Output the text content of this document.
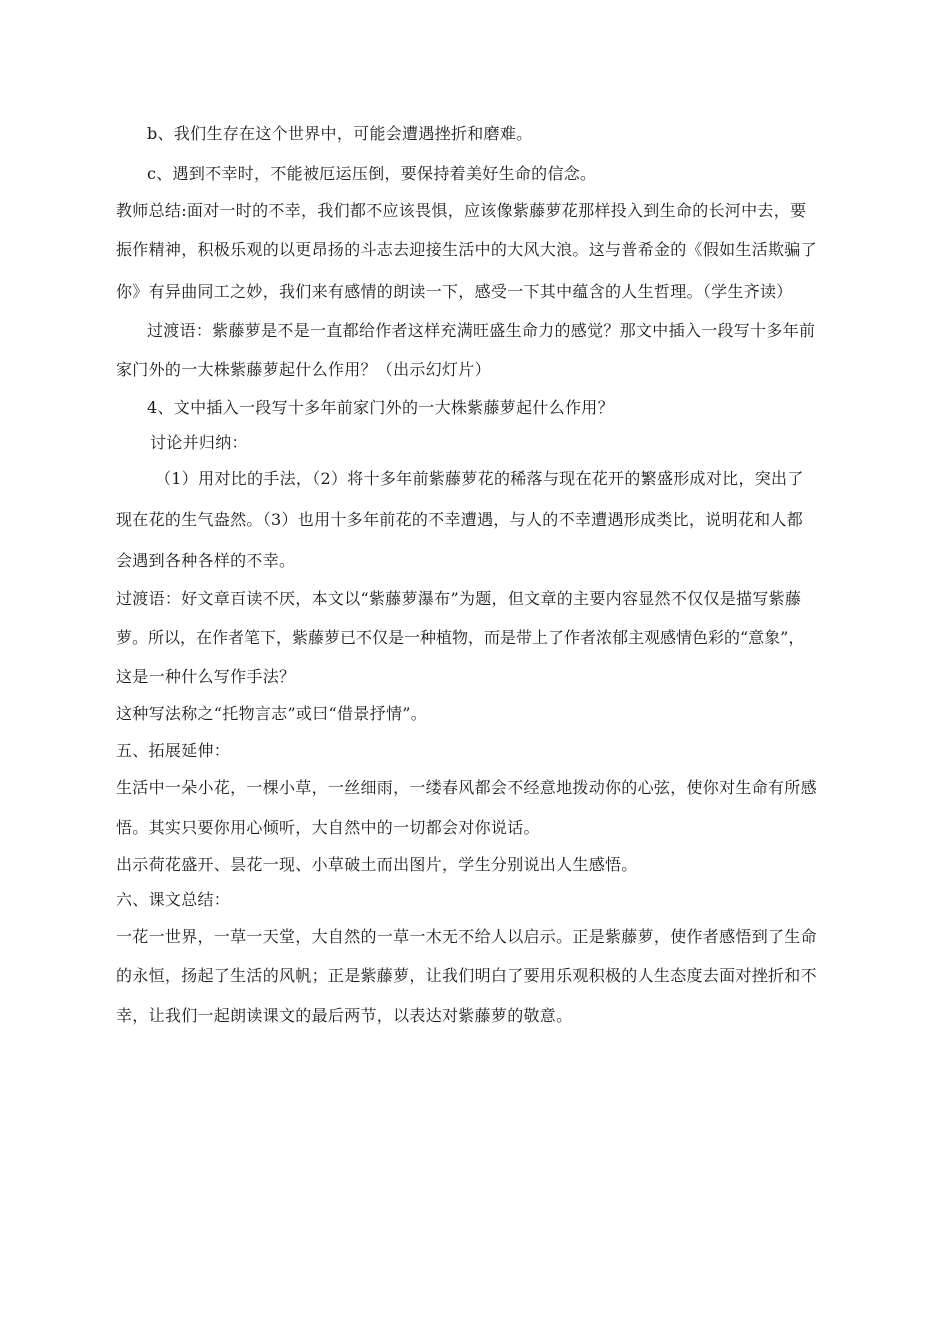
b、我们生存在这个世界中，可能会遭遇挫折和磨难。
c、遇到不幸时，不能被厄运压倒，要保持着美好生命的信念。
教师总结:面对一时的不幸，我们都不应该畏惧，应该像紫藤萝花那样投入到生命的长河中去，要
振作精神，积极乐观的以更昂扬的斗志去迎接生活中的大风大浪。这与普希金的《假如生活欺骗了
你》有异曲同工之妙，我们来有感情的朗读一下，感受一下其中蕴含的人生哲理。（学生齐读）
过渡语：紫藤萝是不是一直都给作者这样充满旺盛生命力的感觉？那文中插入一段写十多年前
家门外的一大株紫藤萝起什么作用？（出示幻灯片）
4、文中插入一段写十多年前家门外的一大株紫藤萝起什么作用？
讨论并归纳：
（1）用对比的手法，（2）将十多年前紫藤萝花的稀落与现在花开的繁盛形成对比，突出了
现在花的生气盎然。（3）也用十多年前花的不幸遭遇，与人的不幸遭遇形成类比，说明花和人都
会遇到各种各样的不幸。
过渡语：好文章百读不厌，本文以“紫藤萝瀑布”为题，但文章的主要内容显然不仅仅是描写紫藤
萝。所以，在作者笔下，紫藤萝已不仅是一种植物，而是带上了作者浓郁主观感情色彩的“意象”，
这是一种什么写作手法？
这种写法称之“托物言志”或曰“借景抒情”。
五、拓展延伸：
生活中一朵小花，一棵小草，一丝细雨，一缕春风都会不经意地拨动你的心弦，使你对生命有所感
悟。其实只要你用心倾听，大自然中的一切都会对你说话。
出示荷花盛开、昙花一现、小草破土而出图片，学生分别说出人生感悟。
六、课文总结：
一花一世界，一草一天堂，大自然的一草一木无不给人以启示。正是紫藤萝，使作者感悟到了生命
的永恒，扬起了生活的风帆；正是紫藤萝，让我们明白了要用乐观积极的人生态度去面对挫折和不
幸，让我们一起朗读课文的最后两节，以表达对紫藤萝的敬意。
